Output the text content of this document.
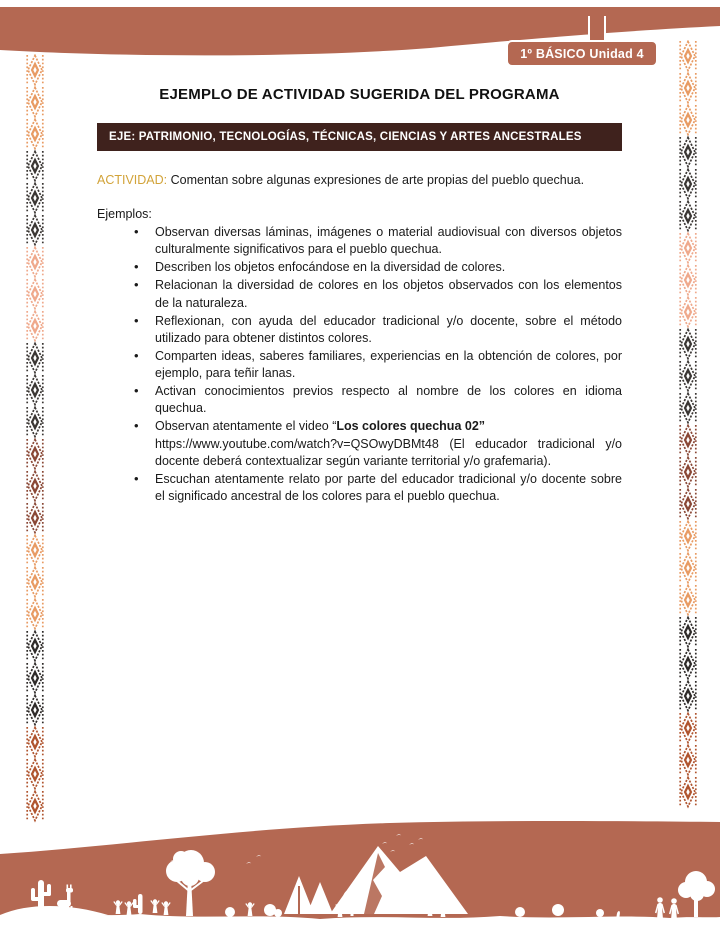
1º BÁSICO Unidad 4
EJEMPLO DE ACTIVIDAD SUGERIDA DEL PROGRAMA
EJE: PATRIMONIO, TECNOLOGÍAS, TÉCNICAS, CIENCIAS Y ARTES ANCESTRALES

ACTIVIDAD: Comentan sobre algunas expresiones de arte propias del pueblo quechua.

Ejemplos:

• Observan diversas láminas, imágenes o material audiovisual con diversos objetos culturalmente significativos para el pueblo quechua.
• Describen los objetos enfocándose en la diversidad de colores.
• Relacionan la diversidad de colores en los objetos observados con los elementos de la naturaleza.
• Reflexionan, con ayuda del educador tradicional y/o docente, sobre el método utilizado para obtener distintos colores.
• Comparten ideas, saberes familiares, experiencias en la obtención de colores, por ejemplo, para teñir lanas.
• Activan conocimientos previos respecto al nombre de los colores en idioma quechua.
• Observan atentamente el video “Los colores quechua 02”
https://www.youtube.com/watch?v=QSOwyDBMt48 (El educador tradicional y/o docente deberá contextualizar según variante territorial y/o grafemaria).
• Escuchan atentamente relato por parte del educador tradicional y/o docente sobre el significado ancestral de los colores para el pueblo quechua.
